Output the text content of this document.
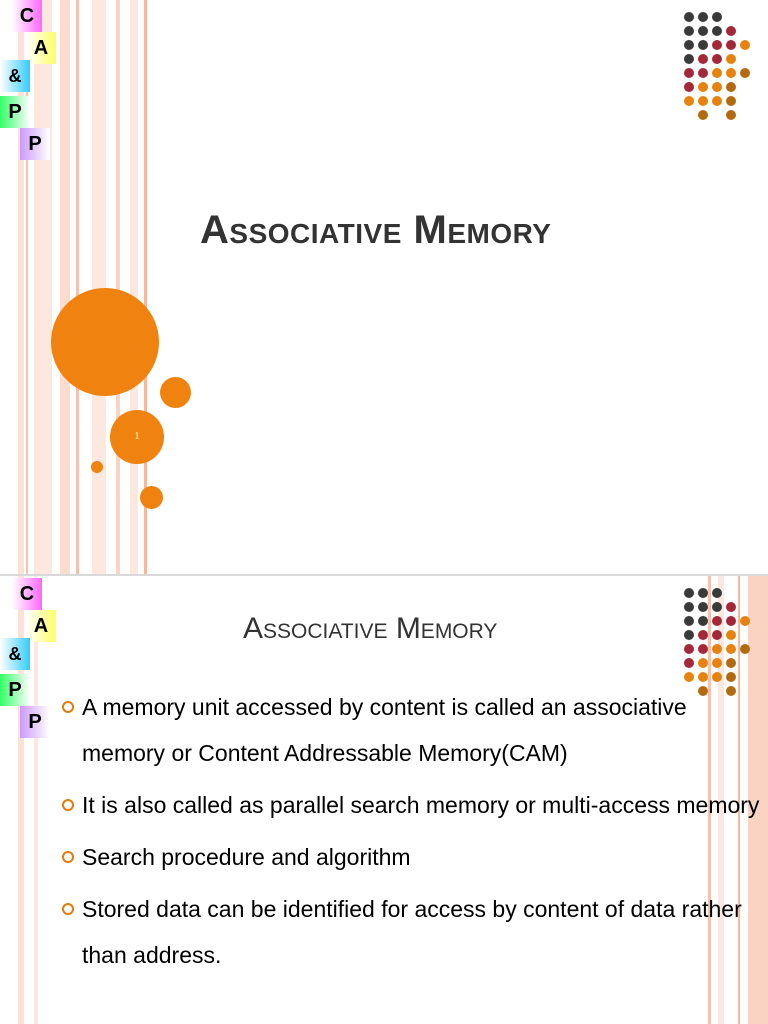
C
A
&
P
P
Associative Memory
1
C
A
&
P
P
Associative Memory
A memory unit accessed by content is called an associative memory or Content Addressable Memory(CAM)
It is also called as parallel search memory or multi-access memory
Search procedure and algorithm
Stored data can be identified for access by content of data rather than address.
